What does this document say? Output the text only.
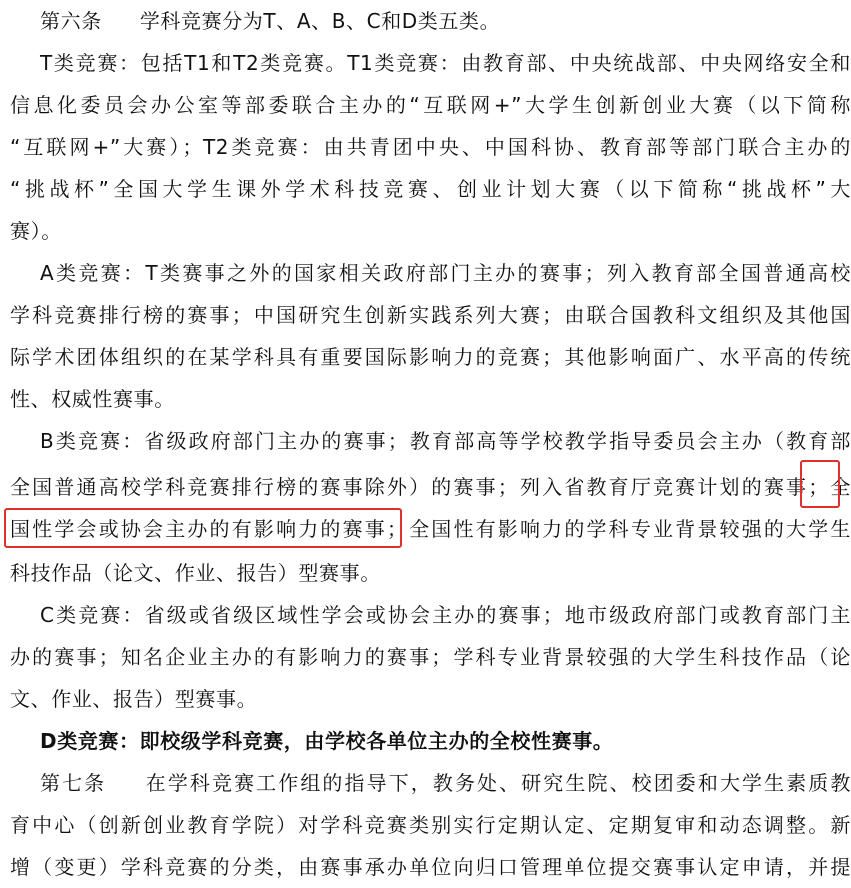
第六条 学科竞赛分为T、A、B、C和D类五类。
T类竞赛：包括T1和T2类竞赛。T1类竞赛：由教育部、中央统战部、中央网络安全和
信息化委员会办公室等部委联合主办的“互联网+”大学生创新创业大赛（以下简称
“互联网+”大赛）；T2类竞赛：由共青团中央、中国科协、教育部等部门联合主办的
“挑战杯”全国大学生课外学术科技竞赛、创业计划大赛（以下简称“挑战杯”大
赛）。
A类竞赛：T类赛事之外的国家相关政府部门主办的赛事；列入教育部全国普通高校
学科竞赛排行榜的赛事；中国研究生创新实践系列大赛；由联合国教科文组织及其他国
际学术团体组织的在某学科具有重要国际影响力的竞赛；其他影响面广、水平高的传统
性、权威性赛事。
B类竞赛：省级政府部门主办的赛事；教育部高等学校教学指导委员会主办（教育部
全国普通高校学科竞赛排行榜的赛事除外）的赛事；列入省教育厅竞赛计划的赛事；全
国性学会或协会主办的有影响力的赛事；全国性有影响力的学科专业背景较强的大学生
科技作品（论文、作业、报告）型赛事。
C类竞赛：省级或省级区域性学会或协会主办的赛事；地市级政府部门或教育部门主
办的赛事；知名企业主办的有影响力的赛事；学科专业背景较强的大学生科技作品（论
文、作业、报告）型赛事。
D类竞赛：即校级学科竞赛，由学校各单位主办的全校性赛事。
第七条 在学科竞赛工作组的指导下，教务处、研究生院、校团委和大学生素质教
育中心（创新创业教育学院）对学科竞赛类别实行定期认定、定期复审和动态调整。新
增（变更）学科竞赛的分类，由赛事承办单位向归口管理单位提交赛事认定申请，并提
